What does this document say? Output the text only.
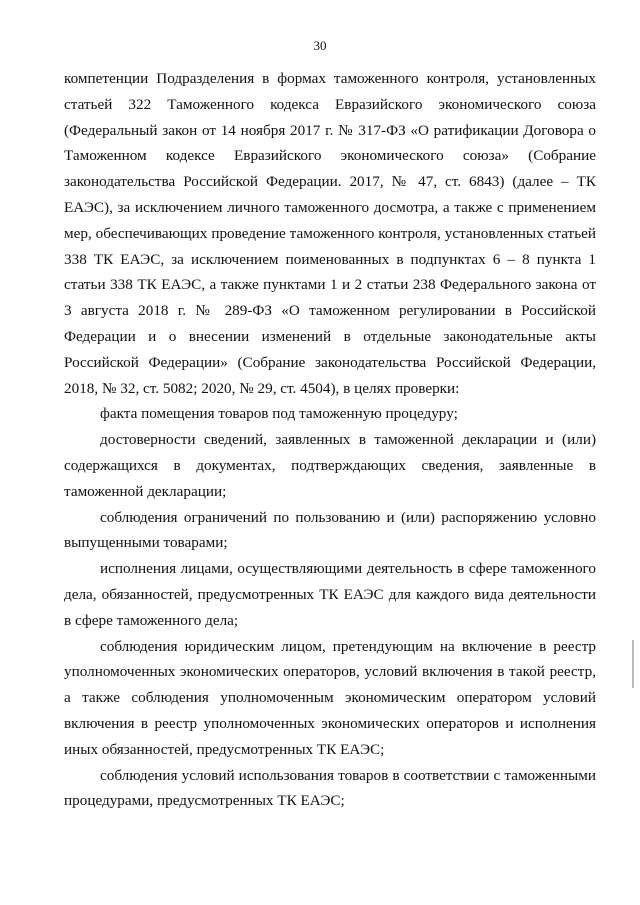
30

компетенции Подразделения в формах таможенного контроля, установленных статьей 322 Таможенного кодекса Евразийского экономического союза (Федеральный закон от 14 ноября 2017 г. № 317-ФЗ «О ратификации Договора о Таможенном кодексе Евразийского экономического союза» (Собрание законодательства Российской Федерации. 2017, № 47, ст. 6843) (далее – ТК ЕАЭС), за исключением личного таможенного досмотра, а также с применением мер, обеспечивающих проведение таможенного контроля, установленных статьей 338 ТК ЕАЭС, за исключением поименованных в подпунктах 6 – 8 пункта 1 статьи 338 ТК ЕАЭС, а также пунктами 1 и 2 статьи 238 Федерального закона от 3 августа 2018 г. № 289-ФЗ «О таможенном регулировании в Российской Федерации и о внесении изменений в отдельные законодательные акты Российской Федерации» (Собрание законодательства Российской Федерации, 2018, № 32, ст. 5082; 2020, № 29, ст. 4504), в целях проверки:

факта помещения товаров под таможенную процедуру;

достоверности сведений, заявленных в таможенной декларации и (или) содержащихся в документах, подтверждающих сведения, заявленные в таможенной декларации;

соблюдения ограничений по пользованию и (или) распоряжению условно выпущенными товарами;

исполнения лицами, осуществляющими деятельность в сфере таможенного дела, обязанностей, предусмотренных ТК ЕАЭС для каждого вида деятельности в сфере таможенного дела;

соблюдения юридическим лицом, претендующим на включение в реестр уполномоченных экономических операторов, условий включения в такой реестр, а также соблюдения уполномоченным экономическим оператором условий включения в реестр уполномоченных экономических операторов и исполнения иных обязанностей, предусмотренных ТК ЕАЭС;

соблюдения условий использования товаров в соответствии с таможенными процедурами, предусмотренных ТК ЕАЭС;
